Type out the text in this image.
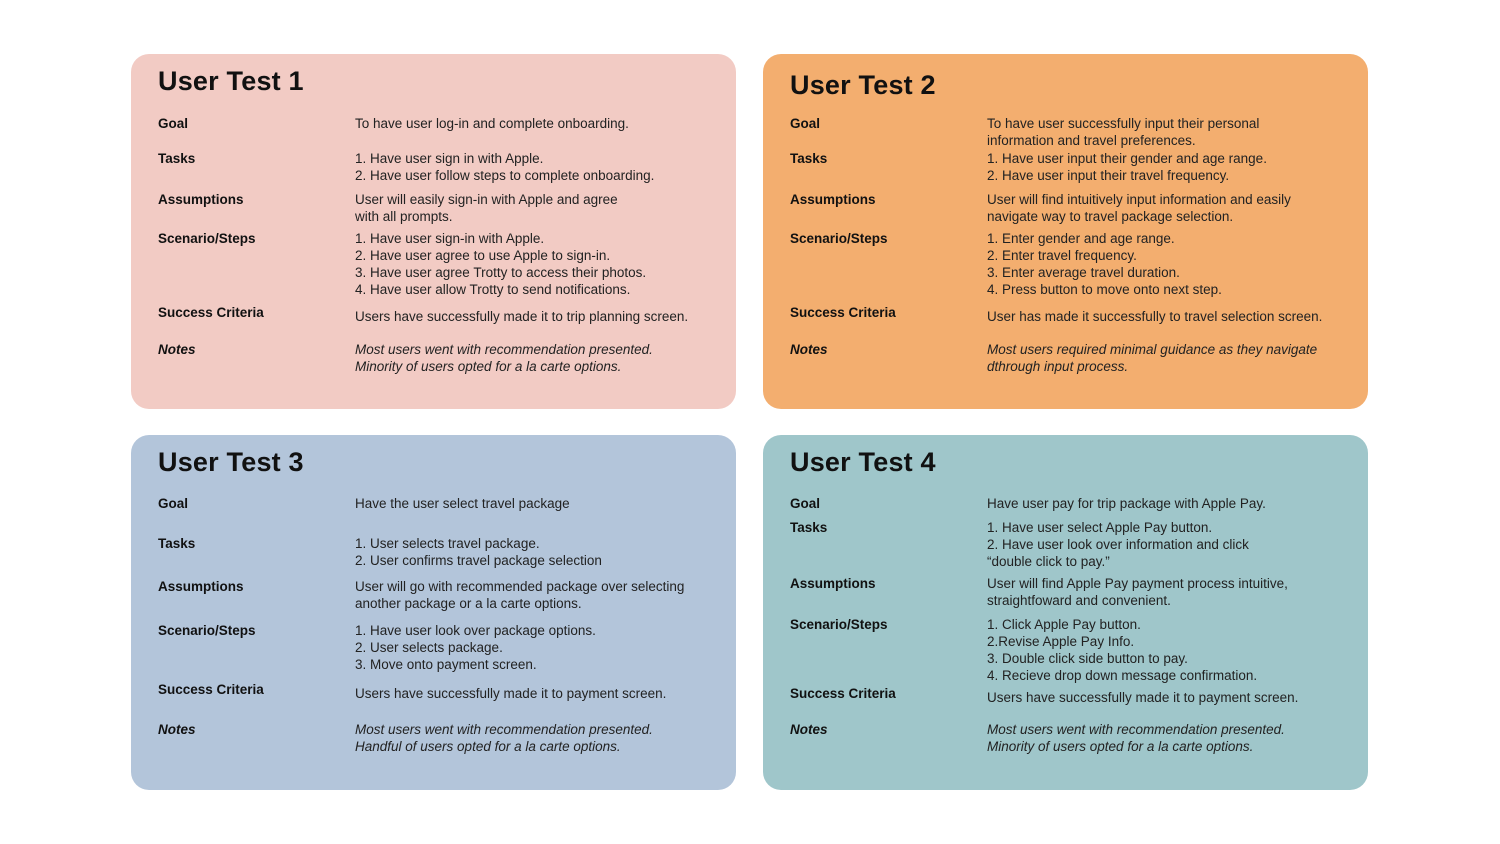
User Test 1
Goal	To have user log-in and complete onboarding.
Tasks	1. Have user sign in with Apple.
2. Have user follow steps to complete onboarding.
Assumptions	User will easily sign-in with Apple and agree
with all prompts.
Scenario/Steps	1. Have user sign-in with Apple.
2. Have user agree to use Apple to sign-in.
3. Have user agree Trotty to access their photos.
4. Have user allow Trotty to send notifications.
Success Criteria	Users have successfully made it to trip planning screen.
Notes	Most users went with recommendation presented.
Minority of users opted for a la carte options.
User Test 2
Goal	To have user successfully input their personal
information and travel preferences.
Tasks	1. Have user input their gender and age range.
2. Have user input their travel frequency.
Assumptions	User will find intuitively input information and easily
navigate way to travel package selection.
Scenario/Steps	1. Enter gender and age range.
2. Enter travel frequency.
3. Enter average travel duration.
4. Press button to move onto next step.
Success Criteria	User has made it successfully to travel selection screen.
Notes	Most users required minimal guidance as they navigate
dthrough input process.
User Test 3
Goal	Have the user select travel package
Tasks	1. User selects travel package.
2. User confirms travel package selection
Assumptions	User will go with recommended package over selecting
another package or a la carte options.
Scenario/Steps	1. Have user look over package options.
2. User selects package.
3. Move onto payment screen.
Success Criteria	Users have successfully made it to payment screen.
Notes	Most users went with recommendation presented.
Handful of users opted for a la carte options.
User Test 4
Goal	Have user pay for trip package with Apple Pay.
Tasks	1. Have user select Apple Pay button.
2. Have user look over information and click
“double click to pay.”
Assumptions	User will find Apple Pay payment process intuitive,
straightfoward and convenient.
Scenario/Steps	1. Click Apple Pay button.
2.Revise Apple Pay Info.
3. Double click side button to pay.
4. Recieve drop down message confirmation.
Success Criteria	Users have successfully made it to payment screen.
Notes	Most users went with recommendation presented.
Minority of users opted for a la carte options.
